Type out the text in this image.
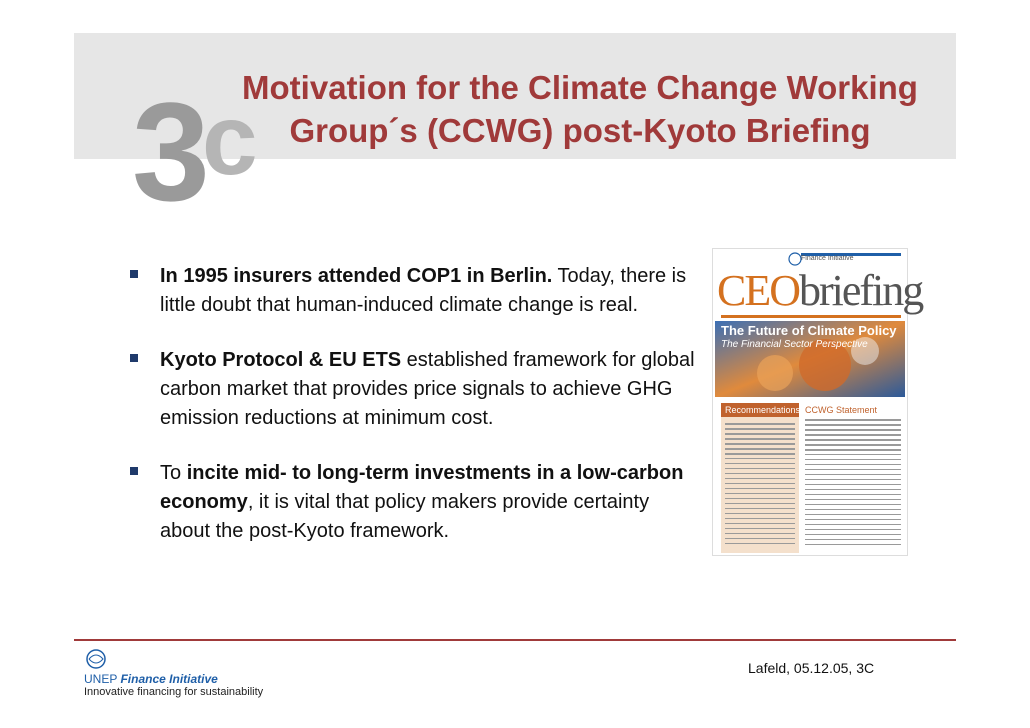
3
c
Motivation for the Climate Change Working
Group´s (CCWG) post-Kyoto Briefing
In 1995 insurers attended COP1 in Berlin. Today, there is little doubt that human-induced climate change is real.
Kyoto Protocol & EU ETS established framework for global carbon market that provides price signals to achieve GHG emission reductions at minimum cost.
To incite mid- to long-term investments in a low-carbon economy, it is vital that policy makers provide certainty about the post-Kyoto framework.
Finance Initiative
CEObriefing
The Future of Climate Policy
The Financial Sector Perspective
Recommendations CCWG Statement
UNEP Finance Initiative
Innovative financing for sustainability
Lafeld, 05.12.05, 3C
